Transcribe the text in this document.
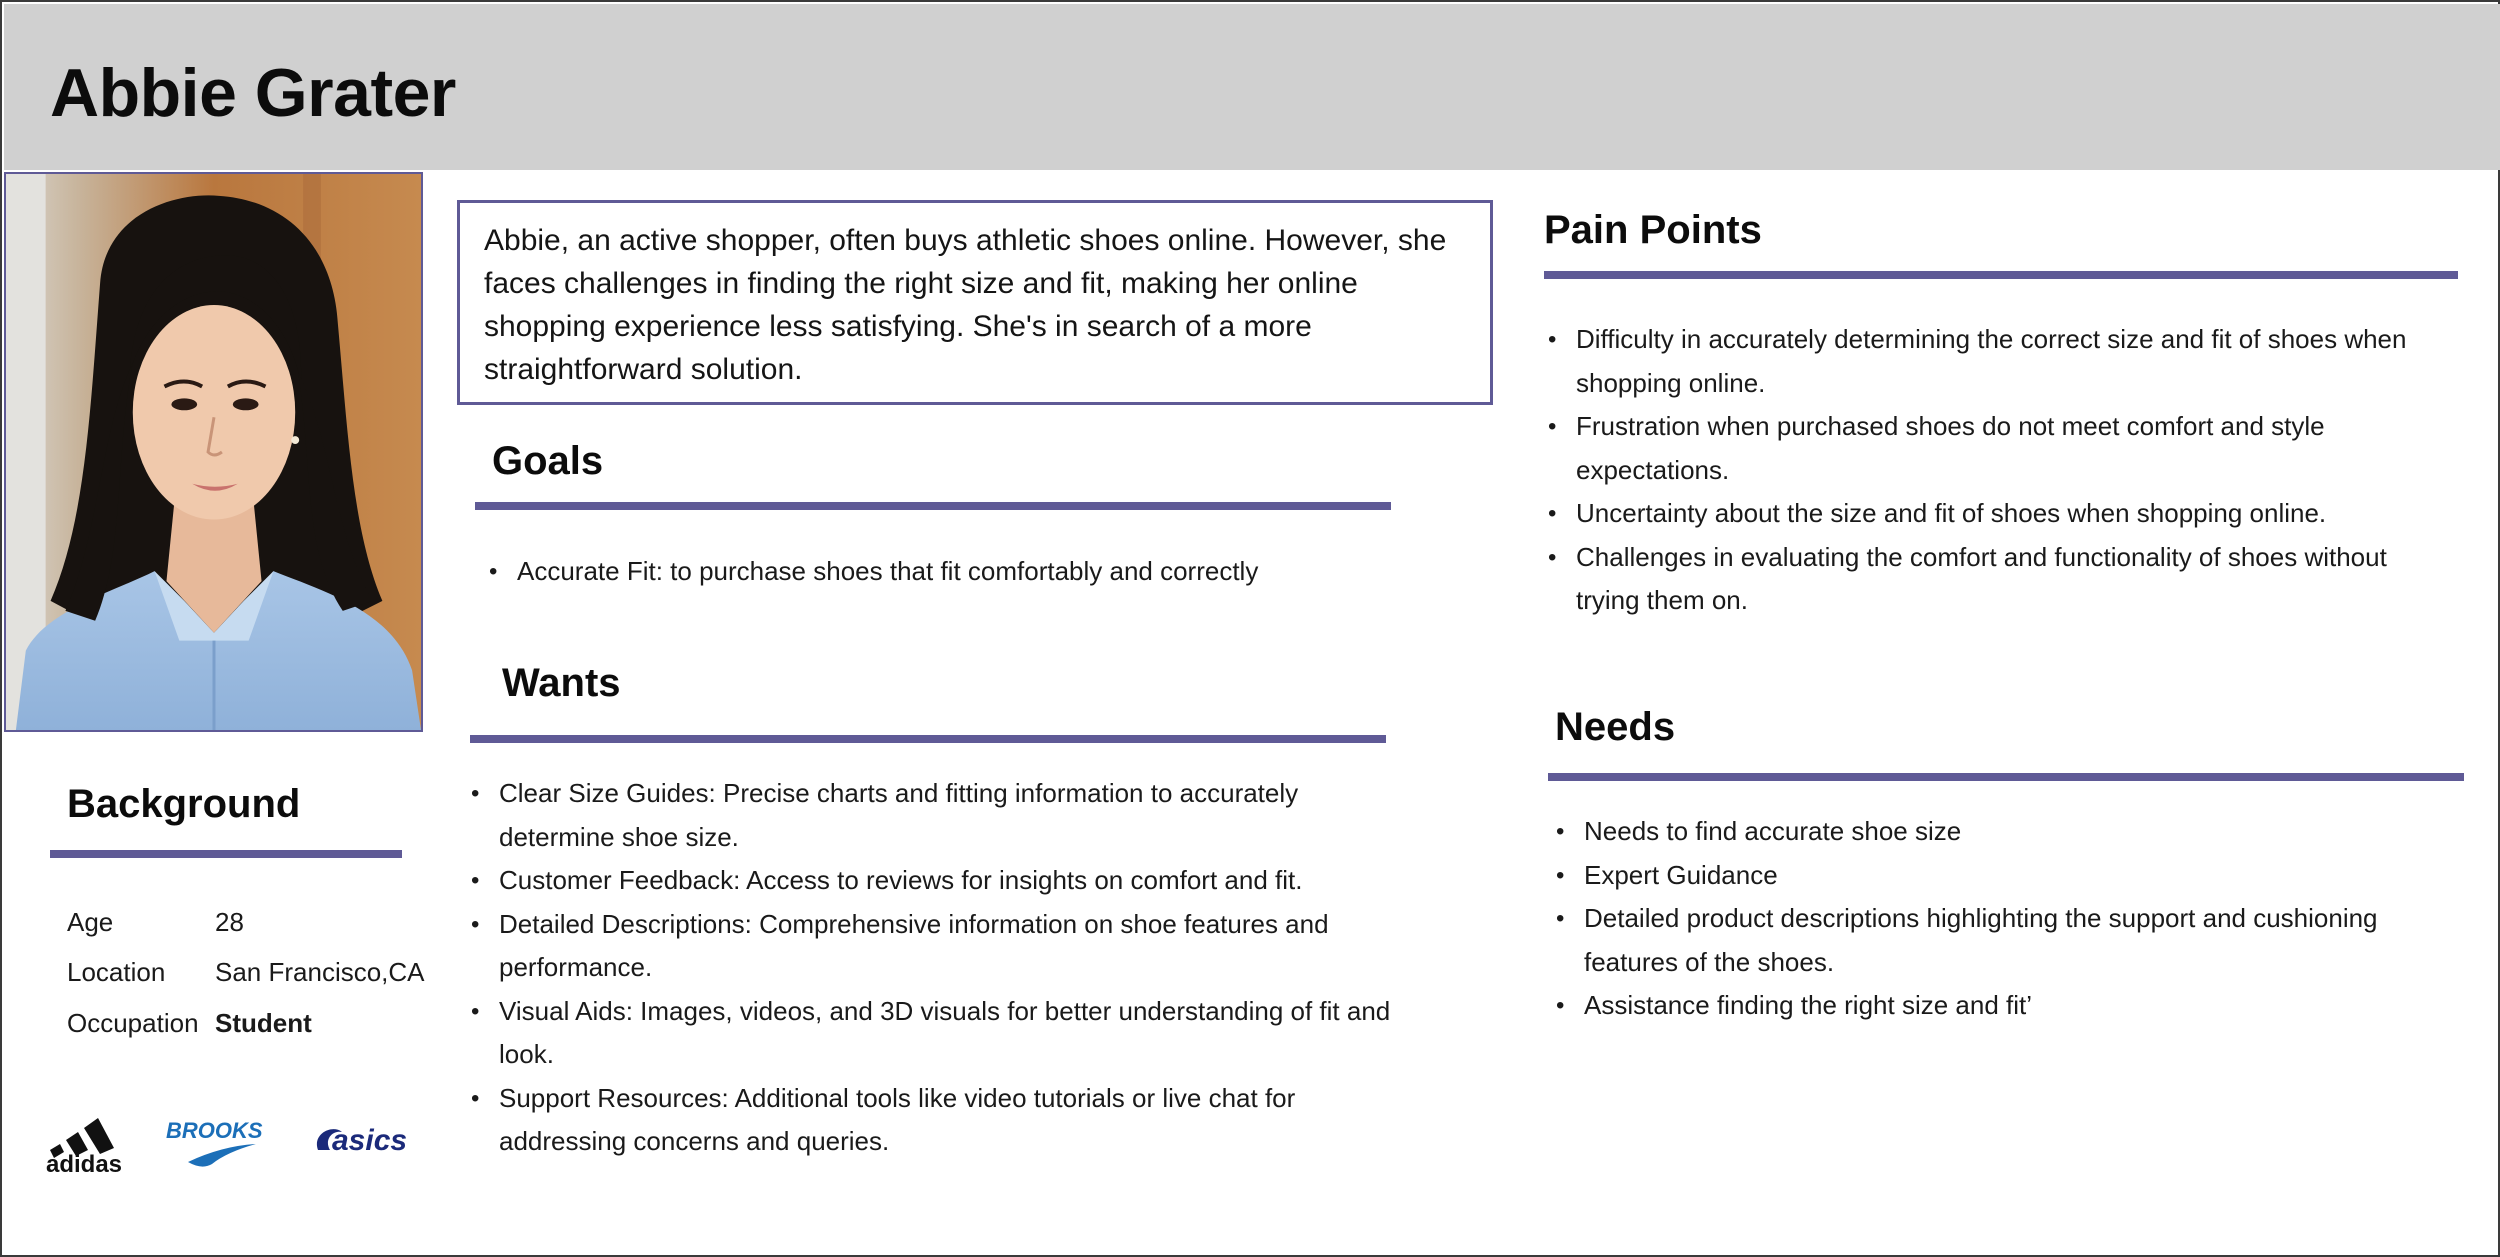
Abbie Grater
Background
Age	28
Location	San Francisco,CA
Occupation Student
adidas
BROOKS asics
Abbie, an active shopper, often buys athletic shoes online. However, she faces challenges in finding the right size and fit, making her online shopping experience less satisfying. She's in search of a more straightforward solution.
Goals
• Accurate Fit: to purchase shoes that fit comfortably and correctly
Wants
• Clear Size Guides: Precise charts and fitting information to accurately determine shoe size.
• Customer Feedback: Access to reviews for insights on comfort and fit.
• Detailed Descriptions: Comprehensive information on shoe features and performance.
• Visual Aids: Images, videos, and 3D visuals for better understanding of fit and look.
• Support Resources: Additional tools like video tutorials or live chat for addressing concerns and queries.
Pain Points
• Difficulty in accurately determining the correct size and fit of shoes when shopping online.
• Frustration when purchased shoes do not meet comfort and style expectations.
• Uncertainty about the size and fit of shoes when shopping online.
• Challenges in evaluating the comfort and functionality of shoes without trying them on.
Needs
• Needs to find accurate shoe size
• Expert Guidance
• Detailed product descriptions highlighting the support and cushioning features of the shoes.
• Assistance finding the right size and fit’
